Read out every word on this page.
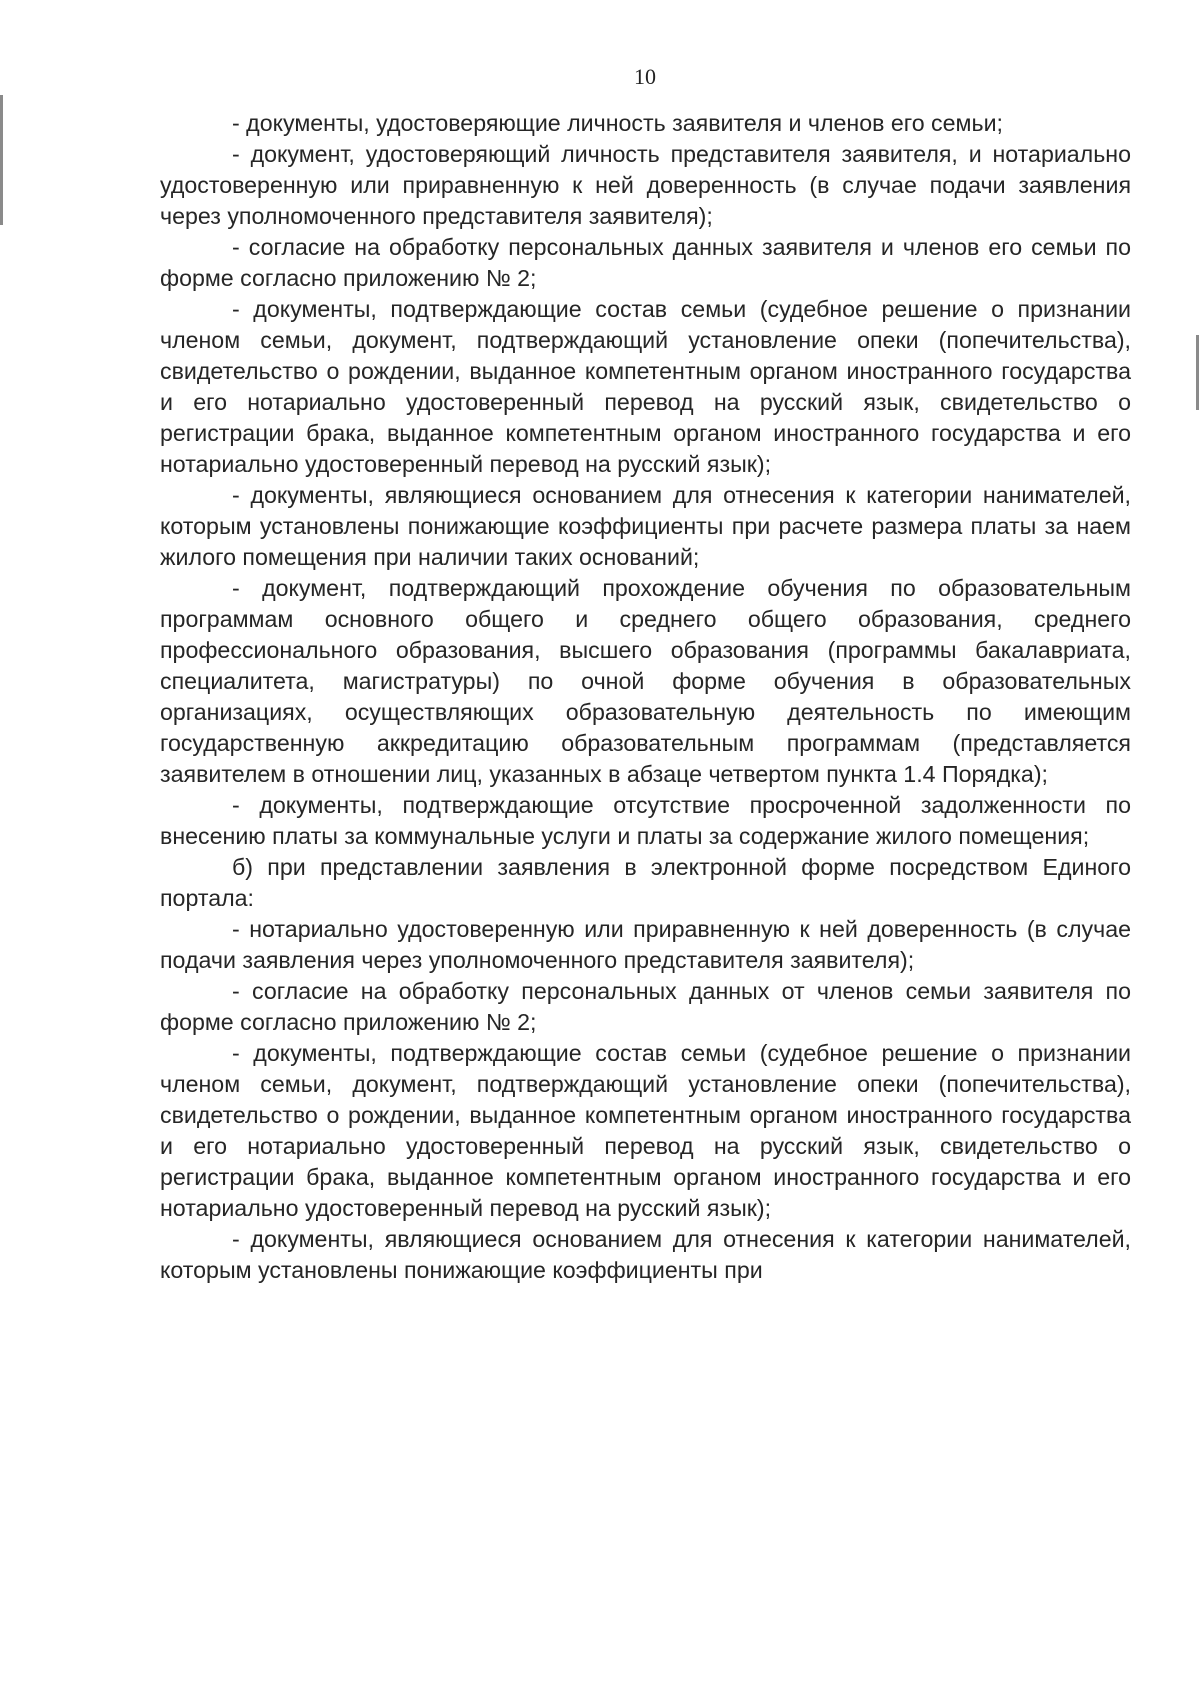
10

- документы, удостоверяющие личность заявителя и членов его семьи;

- документ, удостоверяющий личность представителя заявителя, и нотариально удостоверенную или приравненную к ней доверенность (в случае подачи заявления через уполномоченного представителя заявителя);

- согласие на обработку персональных данных заявителя и членов его семьи по форме согласно приложению № 2;

- документы, подтверждающие состав семьи (судебное решение о признании членом семьи, документ, подтверждающий установление опеки (попечительства), свидетельство о рождении, выданное компетентным органом иностранного государства и его нотариально удостоверенный перевод на русский язык, свидетельство о регистрации брака, выданное компетентным органом иностранного государства и его нотариально удостоверенный перевод на русский язык);

- документы, являющиеся основанием для отнесения к категории нанимателей, которым установлены понижающие коэффициенты при расчете размера платы за наем жилого помещения при наличии таких оснований;

- документ, подтверждающий прохождение обучения по образовательным программам основного общего и среднего общего образования, среднего профессионального образования, высшего образования (программы бакалавриата, специалитета, магистратуры) по очной форме обучения в образовательных организациях, осуществляющих образовательную деятельность по имеющим государственную аккредитацию образовательным программам (представляется заявителем в отношении лиц, указанных в абзаце четвертом пункта 1.4 Порядка);

- документы, подтверждающие отсутствие просроченной задолженности по внесению платы за коммунальные услуги и платы за содержание жилого помещения;

б) при представлении заявления в электронной форме посредством Единого портала:

- нотариально удостоверенную или приравненную к ней доверенность (в случае подачи заявления через уполномоченного представителя заявителя);

- согласие на обработку персональных данных от членов семьи заявителя по форме согласно приложению № 2;

- документы, подтверждающие состав семьи (судебное решение о признании членом семьи, документ, подтверждающий установление опеки (попечительства), свидетельство о рождении, выданное компетентным органом иностранного государства и его нотариально удостоверенный перевод на русский язык, свидетельство о регистрации брака, выданное компетентным органом иностранного государства и его нотариально удостоверенный перевод на русский язык);

- документы, являющиеся основанием для отнесения к категории нанимателей, которым установлены понижающие коэффициенты при
